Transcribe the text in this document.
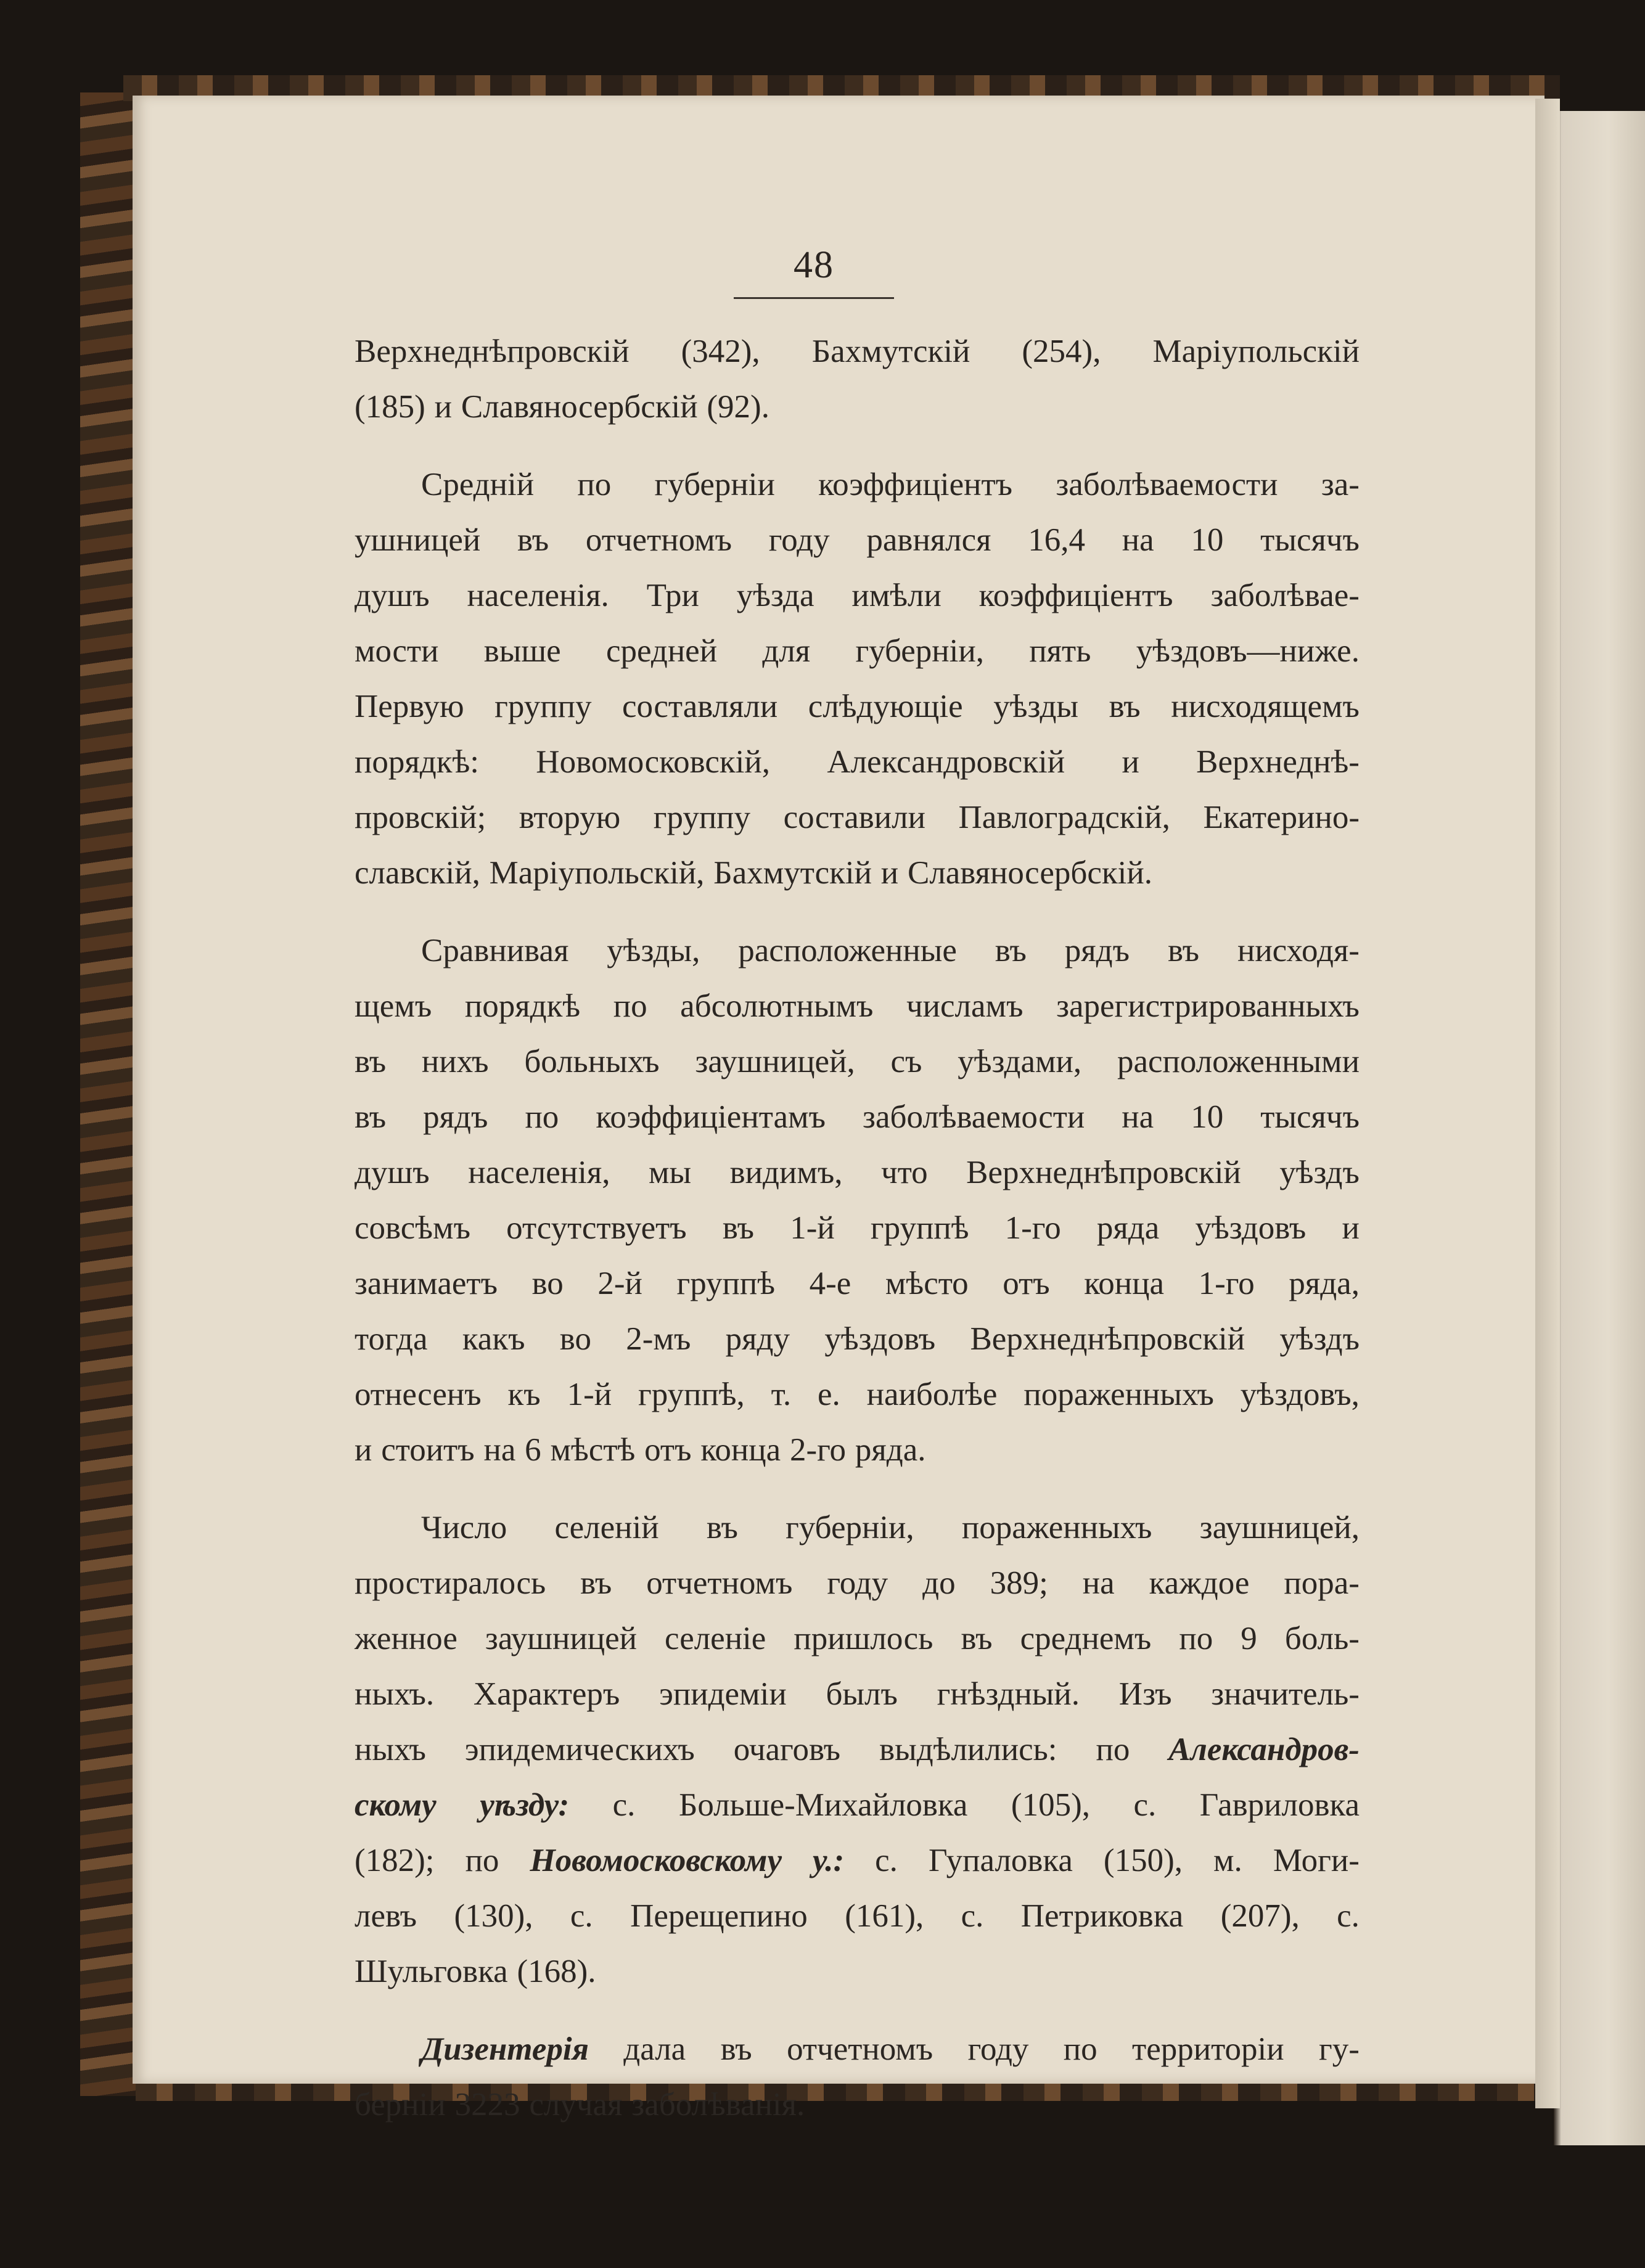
48
Верхнеднѣпровскій (342), Бахмутскій (254), Маріупольскій
(185) и Славяносербскій (92).
Среднiй по губерніи коэффиціентъ заболѣваемости за-
ушницей въ отчетномъ году равнялся 16,4 на 10 тысячъ
душъ населенія. Три уѣзда имѣли коэффиціентъ заболѣвае-
мости выше средней для губерніи, пять уѣздовъ—ниже.
Первую группу составляли слѣдующіе уѣзды въ нисходящемъ
порядкѣ: Новомосковскій, Александровскій и Верхнеднѣ-
провскій; вторую группу составили Павлоградскій, Екатерино-
славскій, Маріупольскій, Бахмутскій и Славяносербскій.
Сравнивая уѣзды, расположенные въ рядъ въ нисходя-
щемъ порядкѣ по абсолютнымъ числамъ зарегистрированныхъ
въ нихъ больныхъ заушницей, съ уѣздами, расположенными
въ рядъ по коэффиціентамъ заболѣваемости на 10 тысячъ
душъ населенія, мы видимъ, что Верхнеднѣпровскій уѣздъ
совсѣмъ отсутствуетъ въ 1-й группѣ 1-го ряда уѣздовъ и
занимаетъ во 2-й группѣ 4-е мѣсто отъ конца 1-го ряда,
тогда какъ во 2-мъ ряду уѣздовъ Верхнеднѣпровскій уѣздъ
отнесенъ къ 1-й группѣ, т. е. наиболѣе пораженныхъ уѣздовъ,
и стоитъ на 6 мѣстѣ отъ конца 2-го ряда.
Число селеній въ губерніи, пораженныхъ заушницей,
простиралось въ отчетномъ году до 389; на каждое пора-
женное заушницей селеніе пришлось въ среднемъ по 9 боль-
ныхъ. Характеръ эпидеміи былъ гнѣздный. Изъ значитель-
ныхъ эпидемическихъ очаговъ выдѣлились: по Александров-
скому уѣзду: с. Больше-Михайловка (105), с. Гавриловка
(182); по Новомосковскому у.: с. Гупаловка (150), м. Моги-
левъ (130), с. Перещепино (161), с. Петриковка (207), с.
Шульговка (168).
Дизентерія дала въ отчетномъ году по территоріи гу-
берніи 3223 случая заболѣванія.
